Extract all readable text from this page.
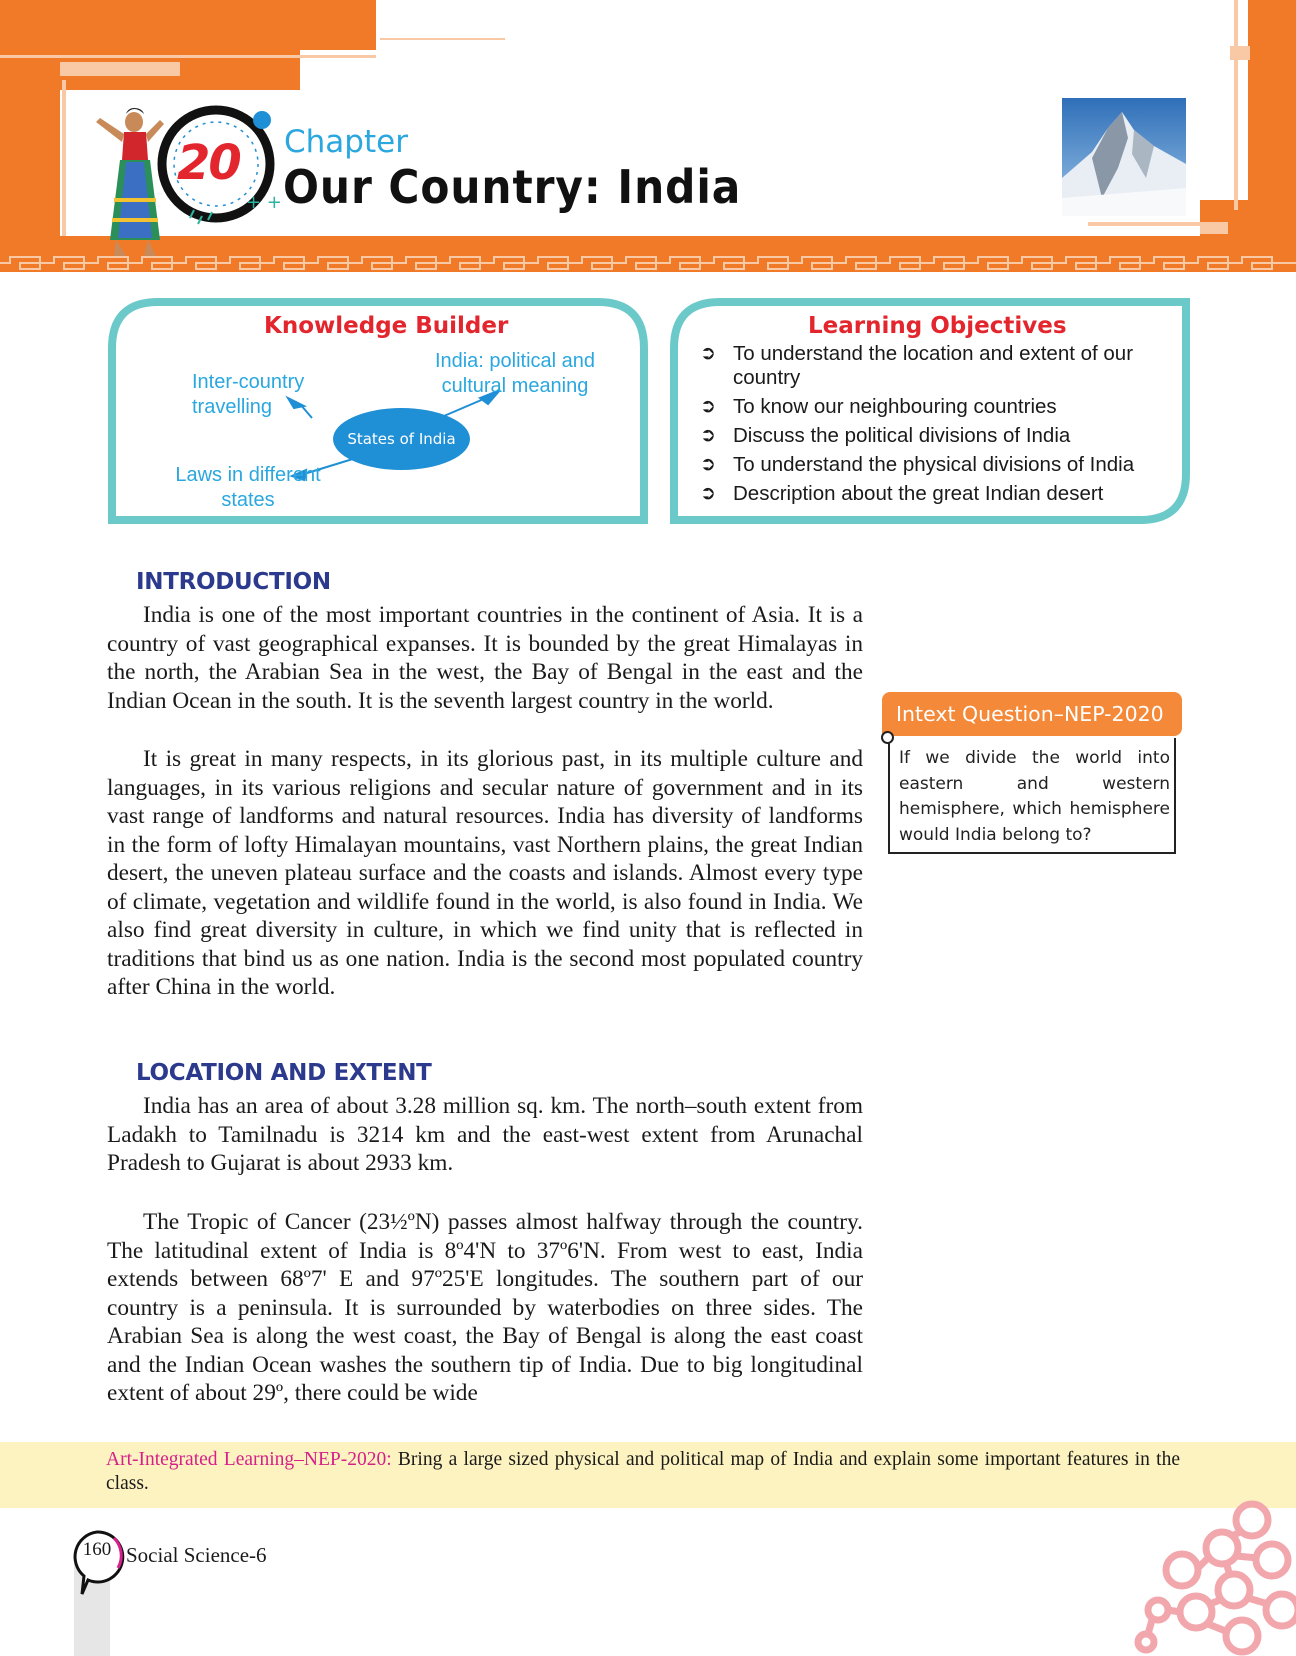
+ +
20 Chapter
Our Country: India
Knowledge Builder
States of India
Inter-country travelling
India: political and cultural meaning
Laws in different states
Learning Objectives
➲ To understand the location and extent of our country
➲ To know our neighbouring countries
➲ Discuss the political divisions of India
➲ To understand the physical divisions of India
➲ Description about the great Indian desert
INTRODUCTION

India is one of the most important countries in the continent of Asia. It is a country of vast geographical expanses. It is bounded by the great Himalayas in the north, the Arabian Sea in the west, the Bay of Bengal in the east and the Indian Ocean in the south. It is the seventh largest country in the world.

It is great in many respects, in its glorious past, in its multiple culture and languages, in its various religions and secular nature of government and in its vast range of landforms and natural resources. India has diversity of landforms in the form of lofty Himalayan mountains, vast Northern plains, the great Indian desert, the uneven plateau surface and the coasts and islands. Almost every type of climate, vegetation and wildlife found in the world, is also found in India. We also find great diversity in culture, in which we find unity that is reflected in traditions that bind us as one nation. India is the second most populated country after China in the world.

LOCATION AND EXTENT

India has an area of about 3.28 million sq. km. The north–south extent from Ladakh to Tamilnadu is 3214 km and the east-west extent from Arunachal Pradesh to Gujarat is about 2933 km.

The Tropic of Cancer (23½ºN) passes almost halfway through the country. The latitudinal extent of India is 8º4'N to 37º6'N. From west to east, India extends between 68º7' E and 97º25'E longitudes. The southern part of our country is a peninsula. It is surrounded by waterbodies on three sides. The Arabian Sea is along the west coast, the Bay of Bengal is along the east coast and the Indian Ocean washes the southern tip of India. Due to big longitudinal extent of about 29º, there could be wide

Intext Question–NEP-2020
If we divide the world into eastern and western hemisphere, which hemisphere would India belong to?

Art-Integrated Learning–NEP-2020: Bring a large sized physical and political map of India and explain some important features in the class.

160 Social Science-6
